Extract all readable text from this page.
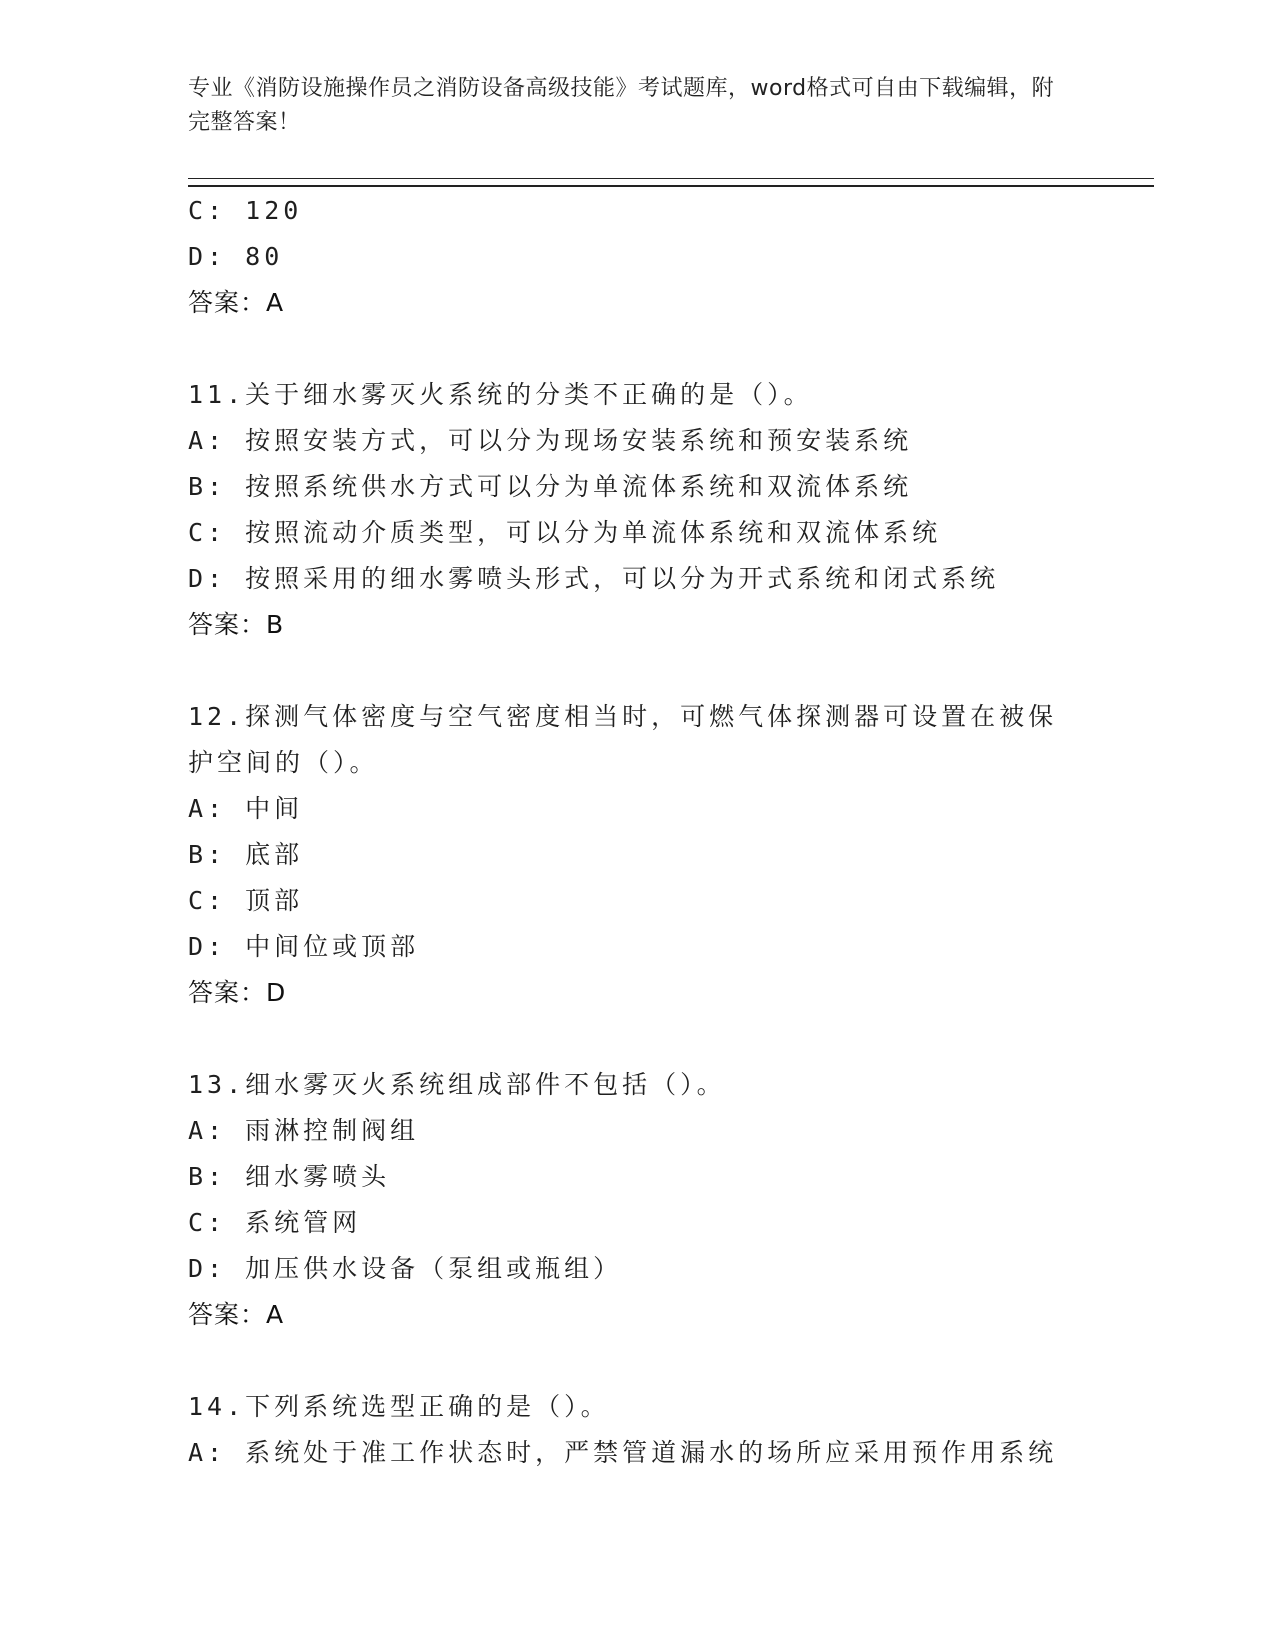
专业《消防设施操作员之消防设备高级技能》考试题库，word格式可自由下载编辑，附完整答案！
C: 120
D: 80
答案：A
11.关于细水雾灭火系统的分类不正确的是（）。
A: 按照安装方式，可以分为现场安装系统和预安装系统
B: 按照系统供水方式可以分为单流体系统和双流体系统
C: 按照流动介质类型，可以分为单流体系统和双流体系统
D: 按照采用的细水雾喷头形式，可以分为开式系统和闭式系统
答案：B
12.探测气体密度与空气密度相当时，可燃气体探测器可设置在被保护空间的（）。
A: 中间
B: 底部
C: 顶部
D: 中间位或顶部
答案：D
13.细水雾灭火系统组成部件不包括（）。
A: 雨淋控制阀组
B: 细水雾喷头
C: 系统管网
D: 加压供水设备（泵组或瓶组）
答案：A
14.下列系统选型正确的是（）。
A: 系统处于准工作状态时，严禁管道漏水的场所应采用预作用系统
